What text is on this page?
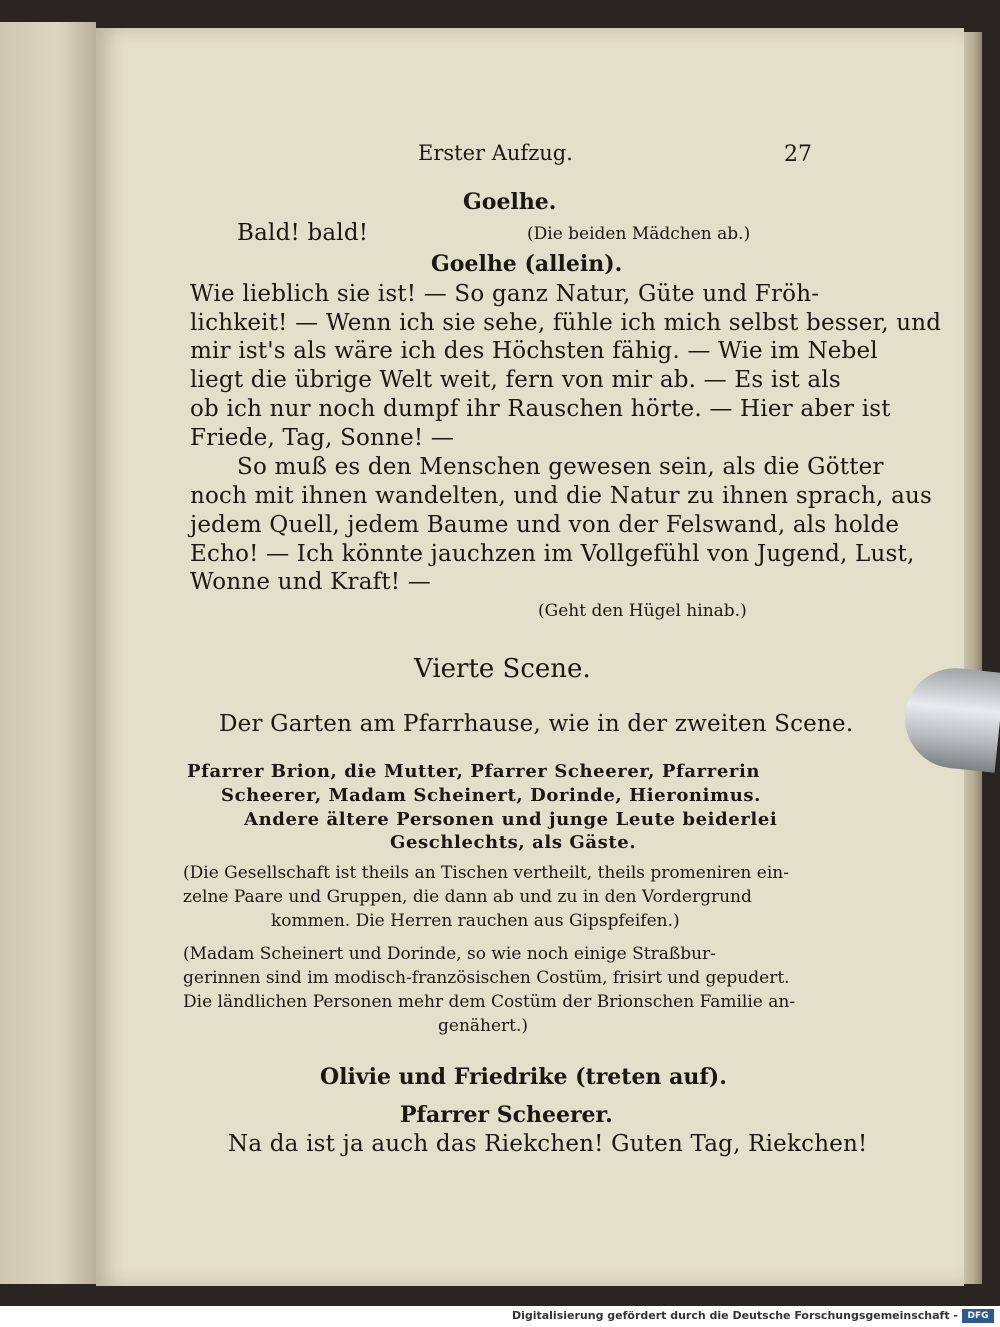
Erster Aufzug.	27
Goelhe.
Bald! bald!	(Die beiden Mädchen ab.)
Goelhe (allein).
Wie lieblich sie ist! — So ganz Natur, Güte und Fröh-
lichkeit! — Wenn ich sie sehe, fühle ich mich selbst besser, und
mir ist's als wäre ich des Höchsten fähig. — Wie im Nebel
liegt die übrige Welt weit, fern von mir ab. — Es ist als
ob ich nur noch dumpf ihr Rauschen hörte. — Hier aber ist
Friede, Tag, Sonne! —
So muß es den Menschen gewesen sein, als die Götter
noch mit ihnen wandelten, und die Natur zu ihnen sprach, aus
jedem Quell, jedem Baume und von der Felswand, als holde
Echo! — Ich könnte jauchzen im Vollgefühl von Jugend, Lust,
Wonne und Kraft! —
(Geht den Hügel hinab.)
Vierte Scene.
Der Garten am Pfarrhause, wie in der zweiten Scene.
Pfarrer Brion, die Mutter, Pfarrer Scheerer, Pfarrerin
Scheerer, Madam Scheinert, Dorinde, Hieronimus.
Andere ältere Personen und junge Leute beiderlei
Geschlechts, als Gäste.
(Die Gesellschaft ist theils an Tischen vertheilt, theils promeniren ein-
zelne Paare und Gruppen, die dann ab und zu in den Vordergrund
kommen. Die Herren rauchen aus Gipspfeifen.)
(Madam Scheinert und Dorinde, so wie noch einige Straßbur-
gerinnen sind im modisch-französischen Costüm, frisirt und gepudert.
Die ländlichen Personen mehr dem Costüm der Brionschen Familie an-
genähert.)
Olivie und Friedrike (treten auf).
Pfarrer Scheerer.
Na da ist ja auch das Riekchen! Guten Tag, Riekchen!
Digitalisierung gefördert durch die Deutsche Forschungsgemeinschaft -	DFG
